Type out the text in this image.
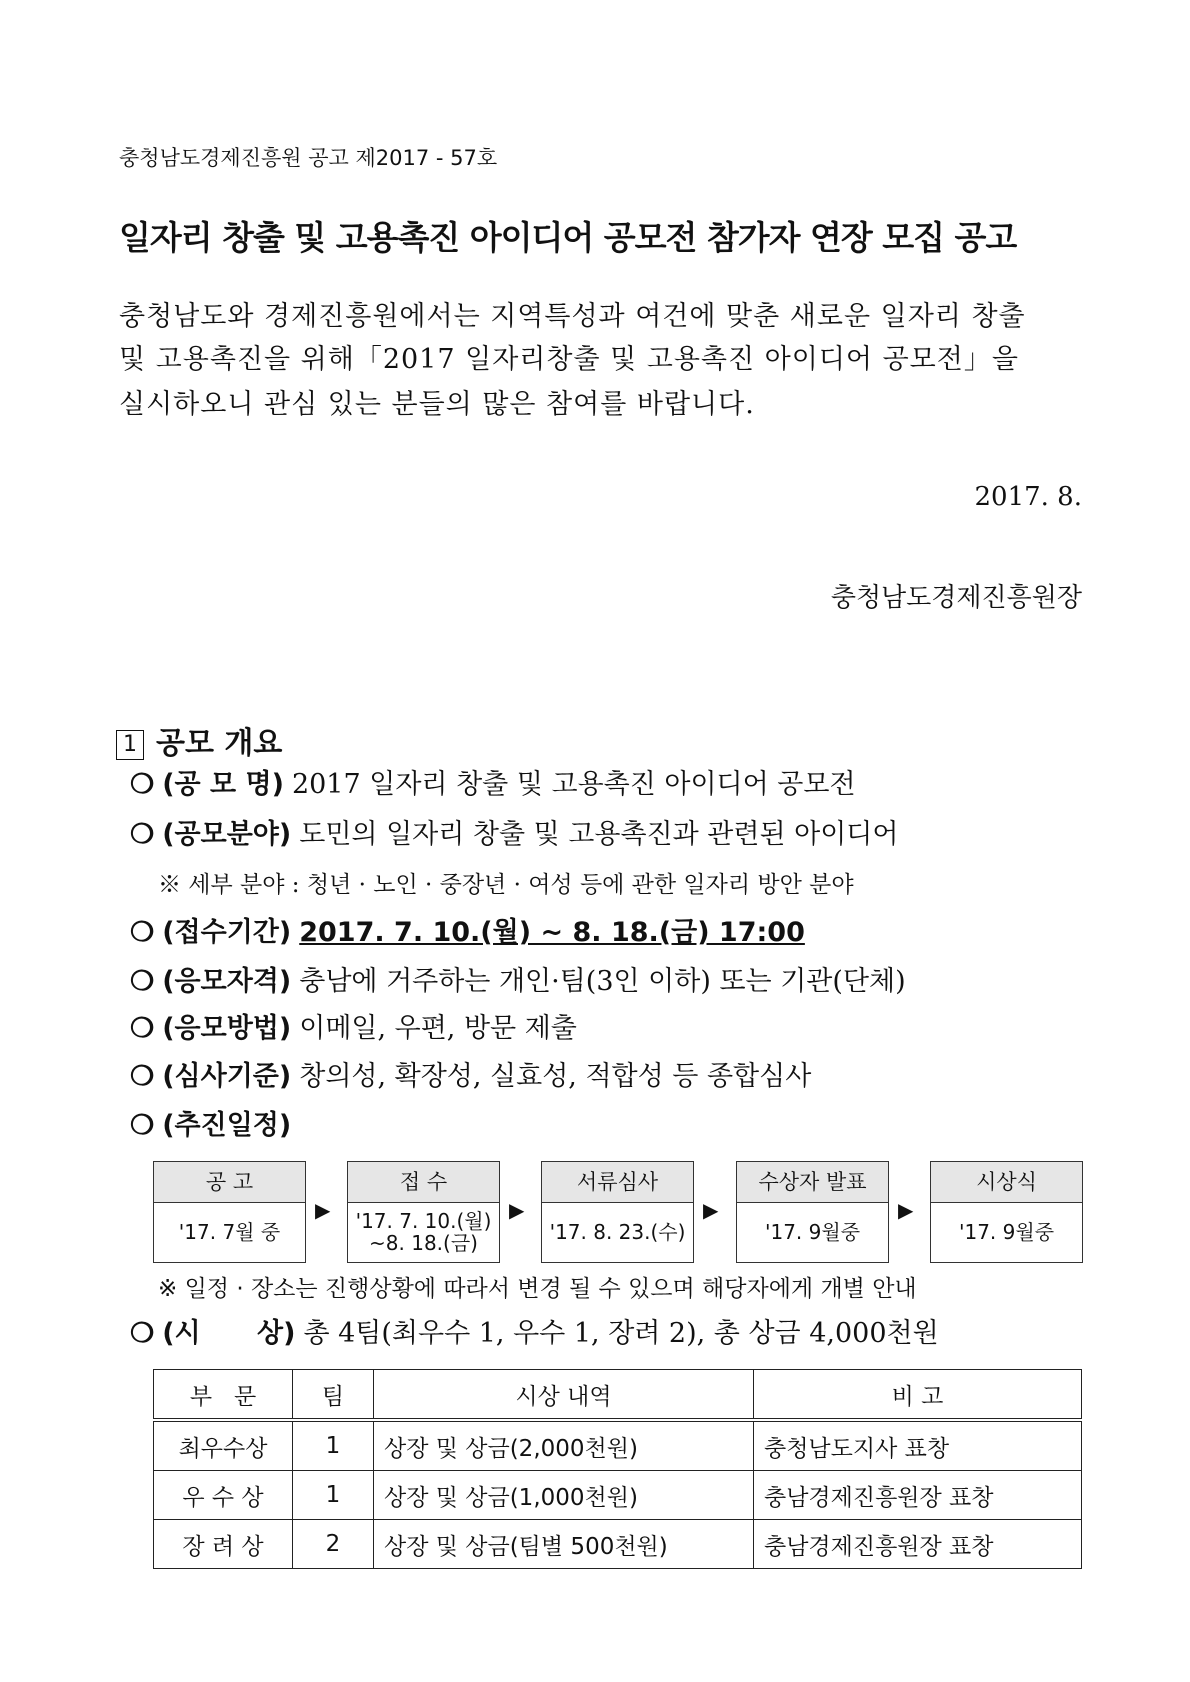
충청남도경제진흥원 공고 제2017 - 57호
일자리 창출 및 고용촉진 아이디어 공모전 참가자 연장 모집 공고
충청남도와 경제진흥원에서는 지역특성과 여건에 맞춘 새로운 일자리 창출
및 고용촉진을 위해「2017 일자리창출 및 고용촉진 아이디어 공모전」을
실시하오니 관심 있는 분들의 많은 참여를 바랍니다.
2017. 8.
충청남도경제진흥원장
1 공모 개요
❍ (공 모 명) 2017 일자리 창출 및 고용촉진 아이디어 공모전
❍ (공모분야) 도민의 일자리 창출 및 고용촉진과 관련된 아이디어
※ 세부 분야 : 청년 · 노인 · 중장년 · 여성 등에 관한 일자리 방안 분야
❍ (접수기간) 2017. 7. 10.(월) ~ 8. 18.(금) 17:00
❍ (응모자격) 충남에 거주하는 개인·팀(3인 이하) 또는 기관(단체)
❍ (응모방법) 이메일, 우편, 방문 제출
❍ (심사기준) 창의성, 확장성, 실효성, 적합성 등 종합심사
❍ (추진일정)
공 고
'17. 7월 중
▶
접 수
'17. 7. 10.(월)
~8. 18.(금)
▶
서류심사
'17. 8. 23.(수)
▶
수상자 발표
'17. 9월중
▶
시상식
'17. 9월중
※ 일정 · 장소는 진행상황에 따라서 변경 될 수 있으며 해당자에게 개별 안내
❍ (시      상) 총 4팀(최우수 1, 우수 1, 장려 2), 총 상금 4,000천원
부   문	팀	시상 내역	비 고
최우수상	1	상장 및 상금(2,000천원)	충청남도지사 표창
우 수 상	1	상장 및 상금(1,000천원)	충남경제진흥원장 표창
장 려 상	2	상장 및 상금(팀별 500천원)	충남경제진흥원장 표창
